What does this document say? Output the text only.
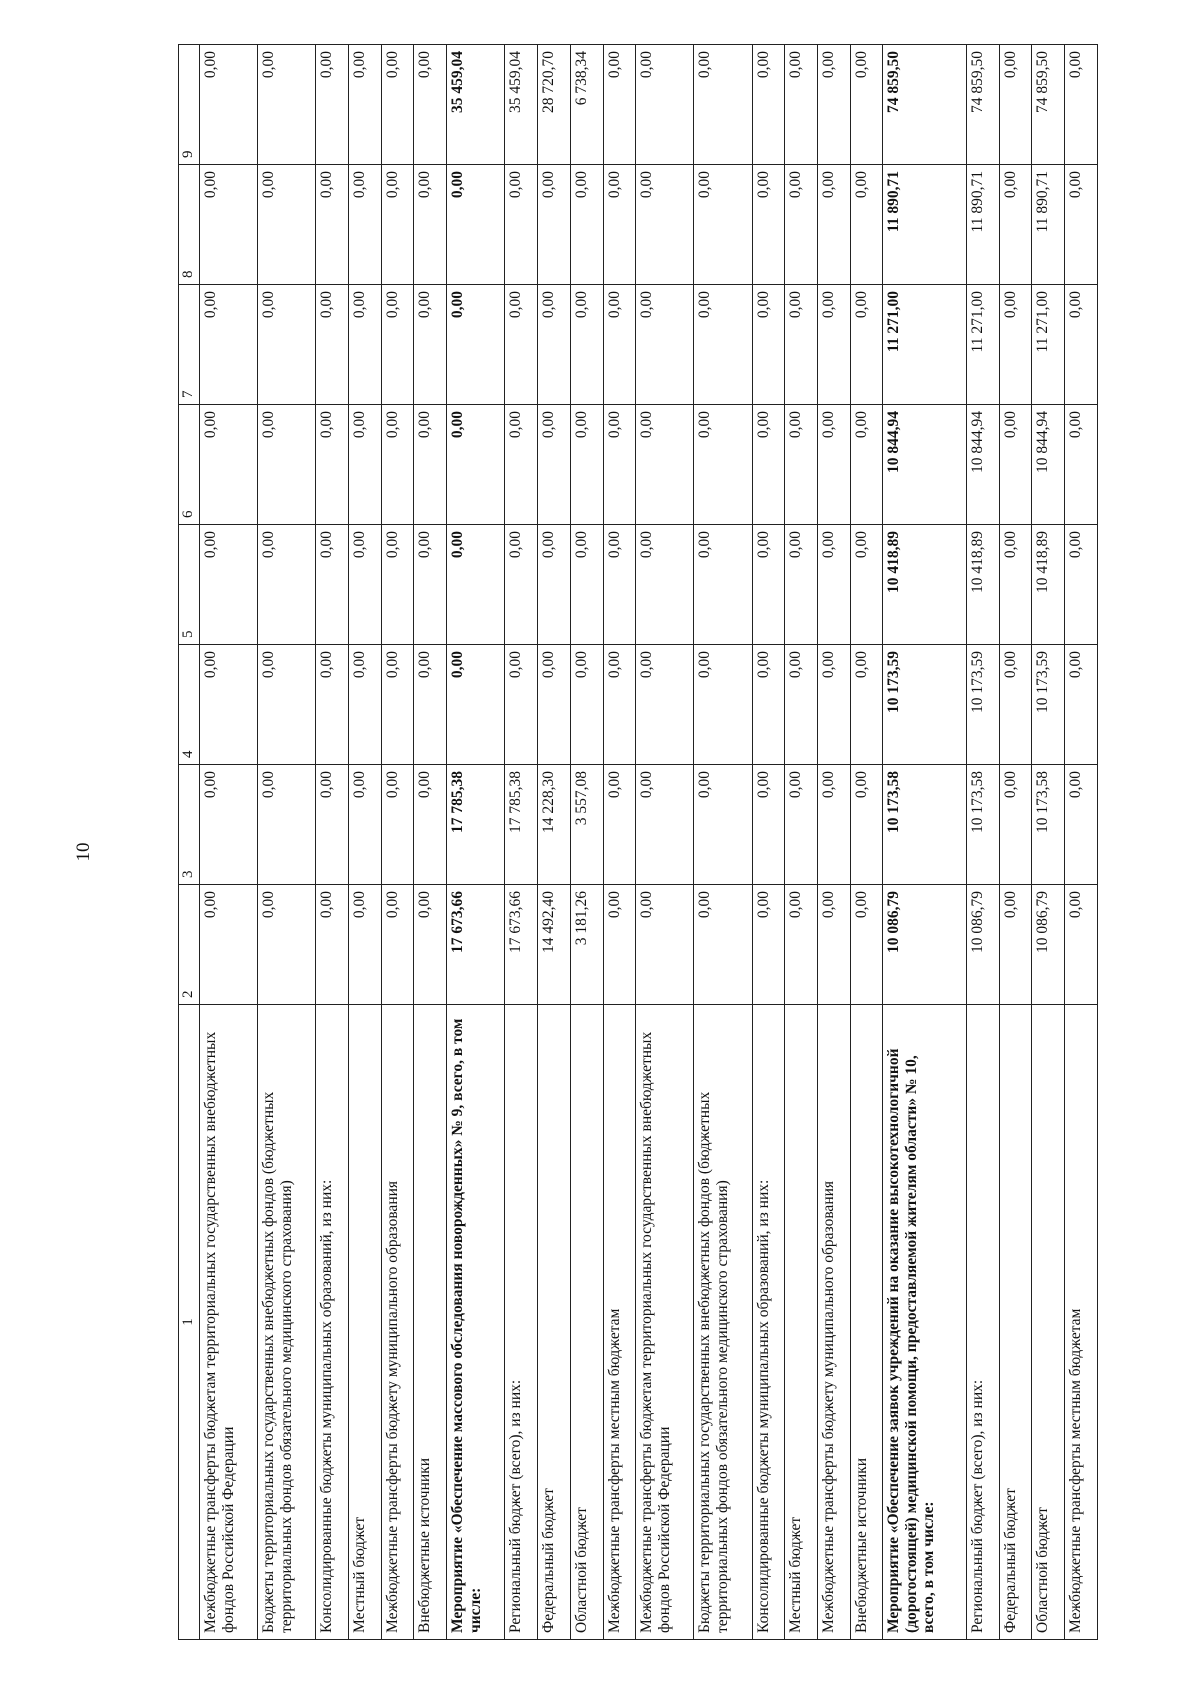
10
1	2	3	4	5	6	7	8	9
Межбюджетные трансферты бюджетам территориальных государственных внебюджетных фондов Российской Федерации	0,00	0,00	0,00	0,00	0,00	0,00	0,00	0,00
Бюджеты территориальных государственных внебюджетных фондов (бюджетных территориальных фондов обязательного медицинского страхования)	0,00	0,00	0,00	0,00	0,00	0,00	0,00	0,00
Консолидированные бюджеты муниципальных образований, из них:	0,00	0,00	0,00	0,00	0,00	0,00	0,00	0,00
Местный бюджет	0,00	0,00	0,00	0,00	0,00	0,00	0,00	0,00
Межбюджетные трансферты бюджету муниципального образования	0,00	0,00	0,00	0,00	0,00	0,00	0,00	0,00
Внебюджетные источники	0,00	0,00	0,00	0,00	0,00	0,00	0,00	0,00
Мероприятие «Обеспечение массового обследования новорожденных» № 9, всего, в том числе:	17 673,66	17 785,38	0,00	0,00	0,00	0,00	0,00	35 459,04
Региональный бюджет (всего), из них:	17 673,66	17 785,38	0,00	0,00	0,00	0,00	0,00	35 459,04
Федеральный бюджет	14 492,40	14 228,30	0,00	0,00	0,00	0,00	0,00	28 720,70
Областной бюджет	3 181,26	3 557,08	0,00	0,00	0,00	0,00	0,00	6 738,34
Межбюджетные трансферты местным бюджетам	0,00	0,00	0,00	0,00	0,00	0,00	0,00	0,00
Межбюджетные трансферты бюджетам территориальных государственных внебюджетных фондов Российской Федерации	0,00	0,00	0,00	0,00	0,00	0,00	0,00	0,00
Бюджеты территориальных государственных внебюджетных фондов (бюджетных территориальных фондов обязательного медицинского страхования)	0,00	0,00	0,00	0,00	0,00	0,00	0,00	0,00
Консолидированные бюджеты муниципальных образований, из них:	0,00	0,00	0,00	0,00	0,00	0,00	0,00	0,00
Местный бюджет	0,00	0,00	0,00	0,00	0,00	0,00	0,00	0,00
Межбюджетные трансферты бюджету муниципального образования	0,00	0,00	0,00	0,00	0,00	0,00	0,00	0,00
Внебюджетные источники	0,00	0,00	0,00	0,00	0,00	0,00	0,00	0,00
Мероприятие «Обеспечение заявок учреждений на оказание высокотехнологичной (дорогостоящей) медицинской помощи, предоставляемой жителям области» № 10, всего, в том числе:	10 086,79	10 173,58	10 173,59	10 418,89	10 844,94	11 271,00	11 890,71	74 859,50
Региональный бюджет (всего), из них:	10 086,79	10 173,58	10 173,59	10 418,89	10 844,94	11 271,00	11 890,71	74 859,50
Федеральный бюджет	0,00	0,00	0,00	0,00	0,00	0,00	0,00	0,00
Областной бюджет	10 086,79	10 173,58	10 173,59	10 418,89	10 844,94	11 271,00	11 890,71	74 859,50
Межбюджетные трансферты местным бюджетам	0,00	0,00	0,00	0,00	0,00	0,00	0,00	0,00
